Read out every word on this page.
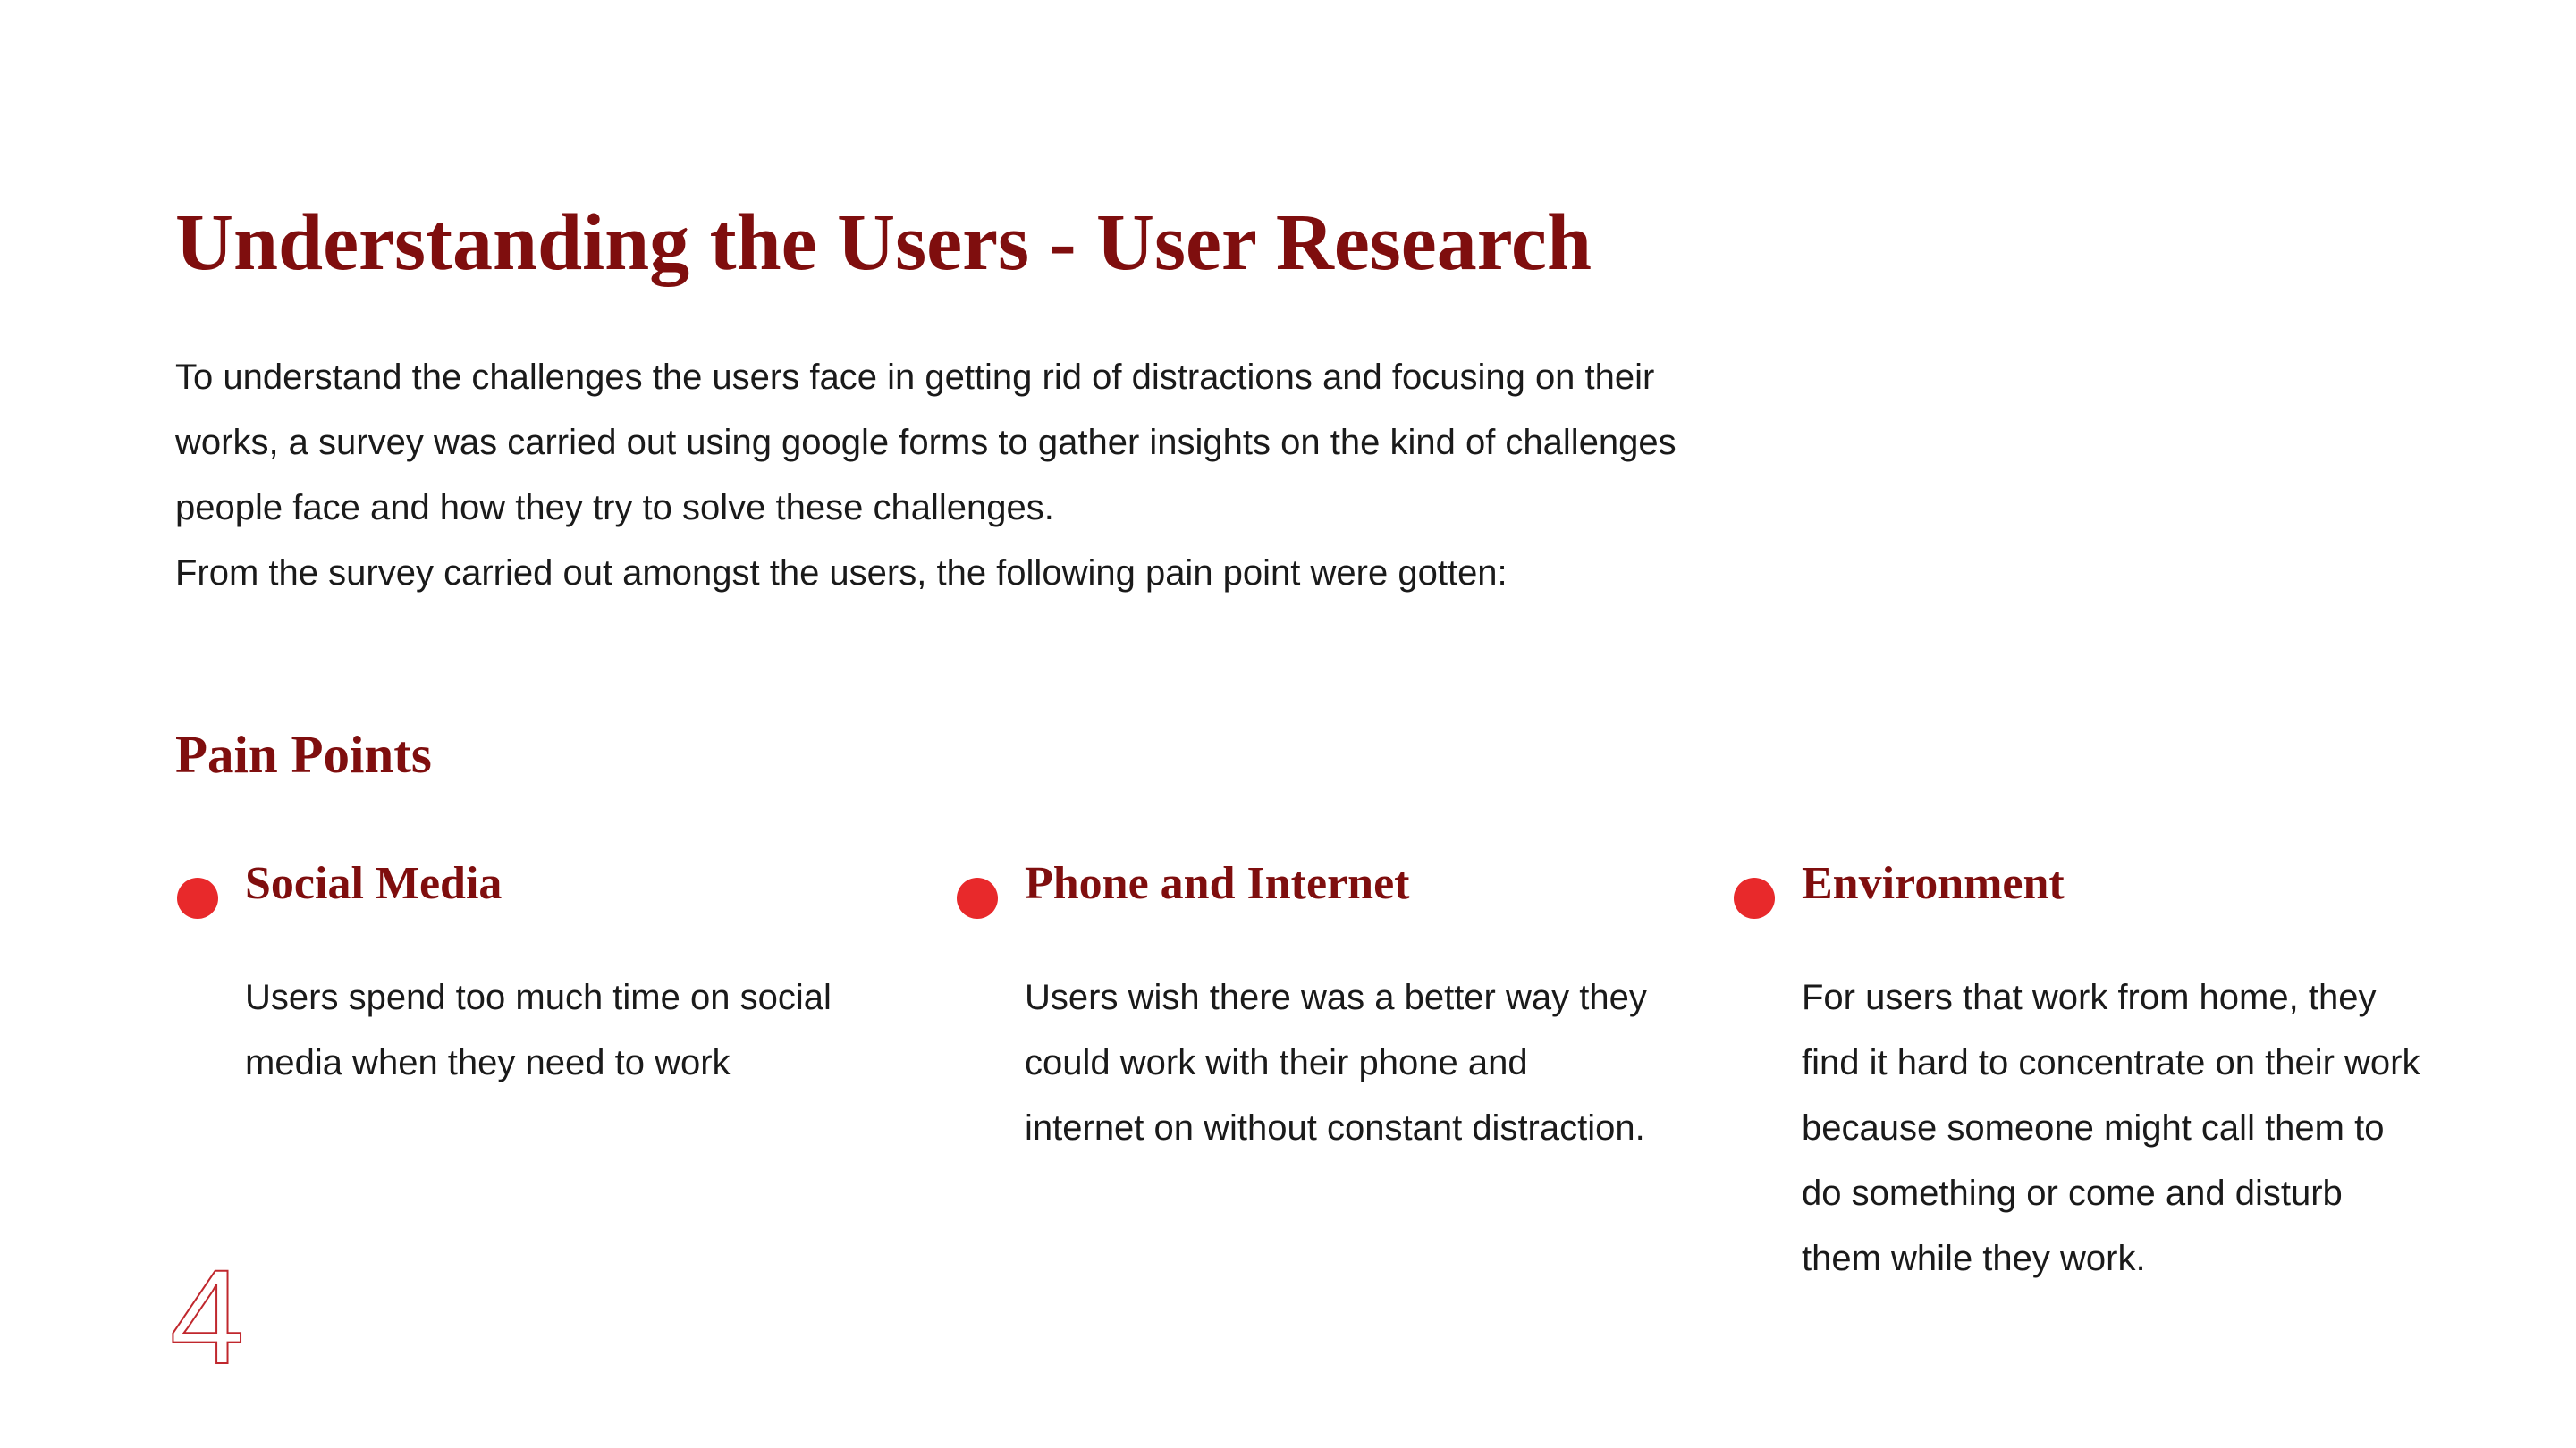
Understanding the Users - User Research

To understand the challenges the users face in getting rid of distractions and focusing on their works, a survey was carried out using google forms to gather insights on the kind of challenges people face and how they try to solve these challenges.

From the survey carried out amongst the users, the following pain point were gotten:

Pain Points
Social Media

Users spend too much time on social media when they need to work

Phone and Internet

Users wish there was a better way they could work with their phone and internet on without constant distraction.

Environment

For users that work from home, they find it hard to concentrate on their work because someone might call them to do something or come and disturb them while they work.

4
